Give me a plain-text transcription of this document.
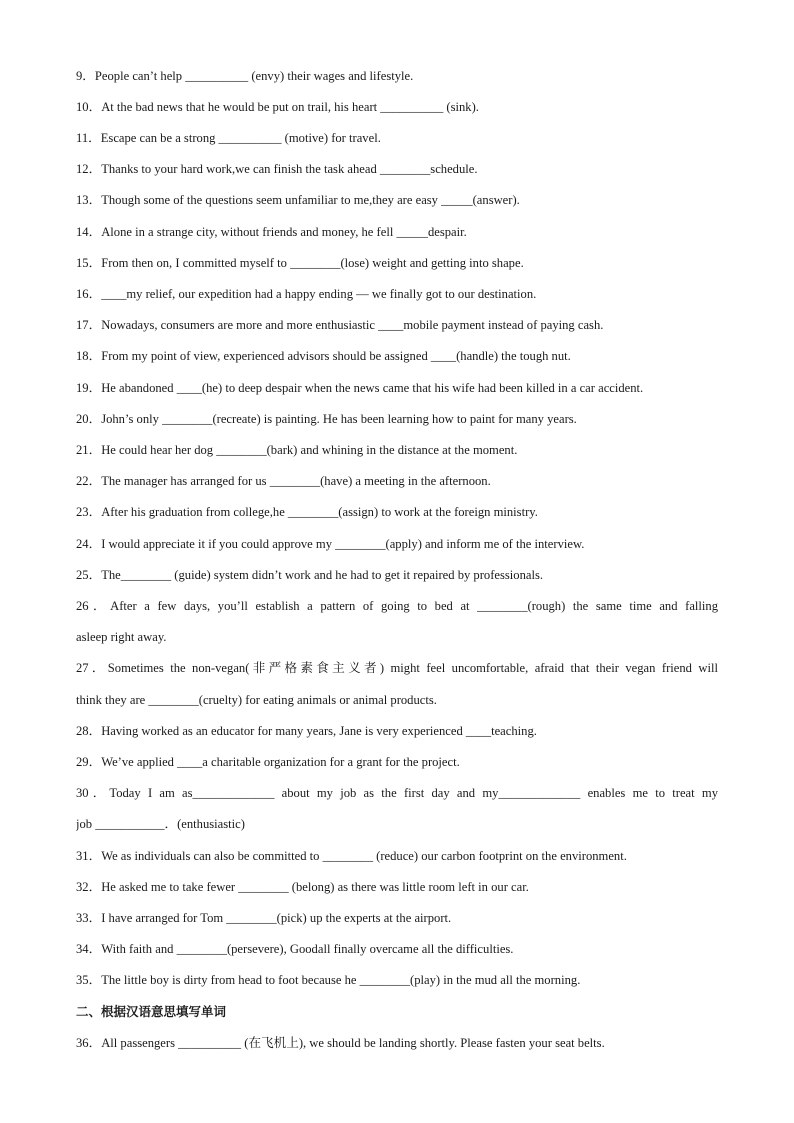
9．People can’t help __________ (envy) their wages and lifestyle.
10．At the bad news that he would be put on trail, his heart __________ (sink).
11．Escape can be a strong __________ (motive) for travel.
12．Thanks to your hard work,we can finish the task ahead ________schedule.
13．Though some of the questions seem unfamiliar to me,they are easy _____(answer).
14．Alone in a strange city, without friends and money, he fell _____despair.
15．From then on, I committed myself to ________(lose) weight and getting into shape.
16．____my relief, our expedition had a happy ending — we finally got to our destination.
17．Nowadays, consumers are more and more enthusiastic ____mobile payment instead of paying cash.
18．From my point of view, experienced advisors should be assigned ____(handle) the tough nut.
19．He abandoned ____(he) to deep despair when the news came that his wife had been killed in a car accident.
20．John’s only ________(recreate) is painting. He has been learning how to paint for many years.
21．He could hear her dog ________(bark) and whining in the distance at the moment.
22．The manager has arranged for us ________(have) a meeting in the afternoon.
23．After his graduation from college,he ________(assign) to work at the foreign ministry.
24．I would appreciate it if you could approve my ________(apply) and inform me of the interview.
25．The________ (guide) system didn’t work and he had to get it repaired by professionals.
26．After a few days, you’ll establish a pattern of going to bed at ________(rough) the same time and falling
asleep right away.
27．Sometimes the non-vegan(非严格素食主义者) might feel uncomfortable, afraid that their vegan friend will
think they are ________(cruelty) for eating animals or animal products.
28．Having worked as an educator for many years, Jane is very experienced ____teaching.
29．We’ve applied ____a charitable organization for a grant for the project.
30．Today I am as_____________ about my job as the first day and my_____________ enables me to treat my
job ___________．(enthusiastic)
31．We as individuals can also be committed to ________ (reduce) our carbon footprint on the environment.
32．He asked me to take fewer ________ (belong) as there was little room left in our car.
33．I have arranged for Tom ________(pick) up the experts at the airport.
34．With faith and ________(persevere), Goodall finally overcame all the difficulties.
35．The little boy is dirty from head to foot because he ________(play) in the mud all the morning.
二、根据汉语意思填写单词
36．All passengers __________ (在飞机上), we should be landing shortly. Please fasten your seat belts.
